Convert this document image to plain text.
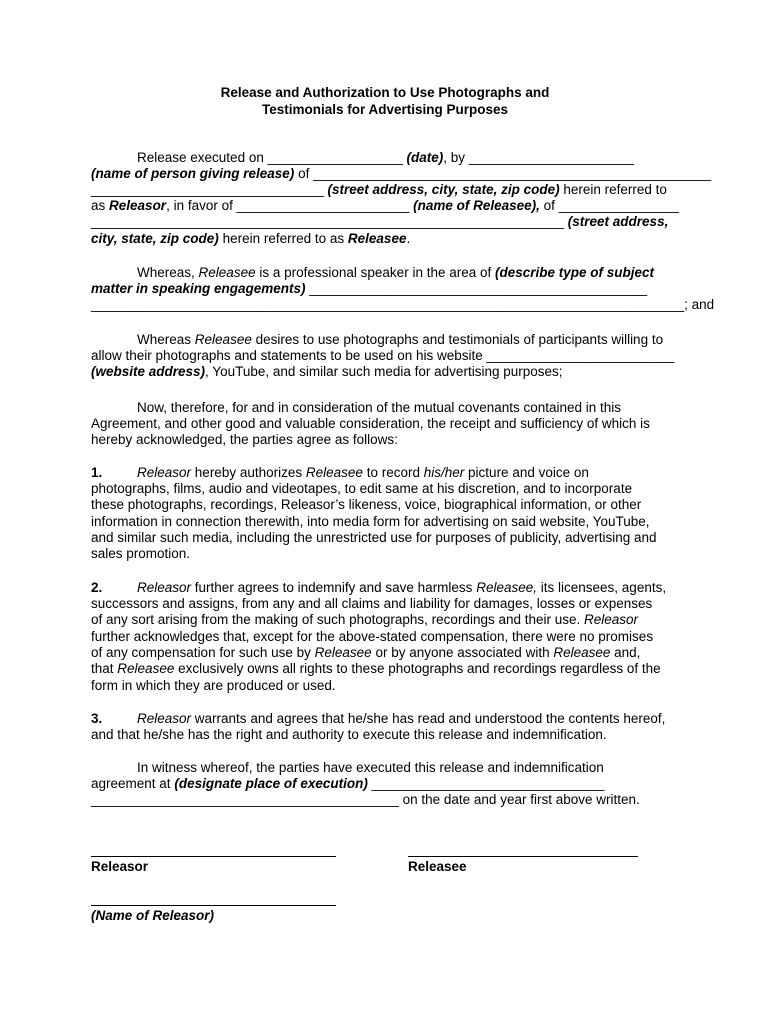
Release and Authorization to Use Photographs and
Testimonials for Advertising Purposes
Release executed on __________________ (date), by ______________________
(name of person giving release) of _____________________________________________________
_______________________________ (street address, city, state, zip code) herein referred to
as Releasor, in favor of _______________________ (name of Releasee), of ________________
_______________________________________________________________ (street address,
city, state, zip code) herein referred to as Releasee.
Whereas, Releasee is a professional speaker in the area of (describe type of subject
matter in speaking engagements) _____________________________________________
_______________________________________________________________________________; and
Whereas Releasee desires to use photographs and testimonials of participants willing to
allow their photographs and statements to be used on his website _________________________
(website address), YouTube, and similar such media for advertising purposes;
Now, therefore, for and in consideration of the mutual covenants contained in this
Agreement, and other good and valuable consideration, the receipt and sufficiency of which is
hereby acknowledged, the parties agree as follows:
1.	Releasor hereby authorizes Releasee to record his/her picture and voice on
photographs, films, audio and videotapes, to edit same at his discretion, and to incorporate
these photographs, recordings, Releasor’s likeness, voice, biographical information, or other
information in connection therewith, into media form for advertising on said website, YouTube,
and similar such media, including the unrestricted use for purposes of publicity, advertising and
sales promotion.
2.	Releasor further agrees to indemnify and save harmless Releasee, its licensees, agents,
successors and assigns, from any and all claims and liability for damages, losses or expenses
of any sort arising from the making of such photographs, recordings and their use. Releasor
further acknowledges that, except for the above-stated compensation, there were no promises
of any compensation for such use by Releasee or by anyone associated with Releasee and,
that Releasee exclusively owns all rights to these photographs and recordings regardless of the
form in which they are produced or used.
3.	Releasor warrants and agrees that he/she has read and understood the contents hereof,
and that he/she has the right and authority to execute this release and indemnification.
In witness whereof, the parties have executed this release and indemnification
agreement at (designate place of execution) _______________________________
_________________________________________ on the date and year first above written.
Releasor	Releasee
(Name of Releasor)
